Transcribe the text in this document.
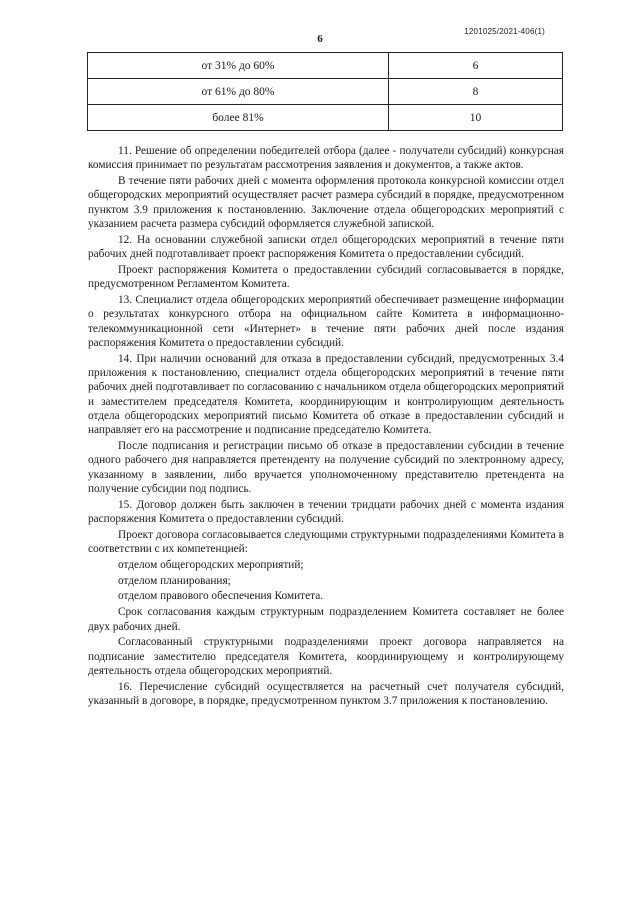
6
1201025/2021-406(1)
от 31% до 60%	6
от 61% до 80%	8
более 81%	10

11. Решение об определении победителей отбора (далее - получатели субсидий) конкурсная комиссия принимает по результатам рассмотрения заявления и документов, а также актов.

В течение пяти рабочих дней с момента оформления протокола конкурсной комиссии отдел общегородских мероприятий осуществляет расчет размера субсидий в порядке, предусмотренном пунктом 3.9 приложения к постановлению. Заключение отдела общегородских мероприятий с указанием расчета размера субсидий оформляется служебной запиской.

12. На основании служебной записки отдел общегородских мероприятий в течение пяти рабочих дней подготавливает проект распоряжения Комитета о предоставлении субсидий.

Проект распоряжения Комитета о предоставлении субсидий согласовывается в порядке, предусмотренном Регламентом Комитета.

13. Специалист отдела общегородских мероприятий обеспечивает размещение информации о результатах конкурсного отбора на официальном сайте Комитета в информационно-телекоммуникационной сети «Интернет» в течение пяти рабочих дней после издания распоряжения Комитета о предоставлении субсидий.

14. При наличии оснований для отказа в предоставлении субсидий, предусмотренных 3.4 приложения к постановлению, специалист отдела общегородских мероприятий в течение пяти рабочих дней подготавливает по согласованию с начальником отдела общегородских мероприятий и заместителем председателя Комитета, координирующим и контролирующим деятельность отдела общегородских мероприятий письмо Комитета об отказе в предоставлении субсидий и направляет его на рассмотрение и подписание председателю Комитета.

После подписания и регистрации письмо об отказе в предоставлении субсидии в течение одного рабочего дня направляется претенденту на получение субсидий по электронному адресу, указанному в заявлении, либо вручается уполномоченному представителю претендента на получение субсидии под подпись.

15. Договор должен быть заключен в течении тридцати рабочих дней с момента издания распоряжения Комитета о предоставлении субсидий.

Проект договора согласовывается следующими структурными подразделениями Комитета в соответствии с их компетенцией:

отделом общегородских мероприятий;

отделом планирования;

отделом правового обеспечения Комитета.

Срок согласования каждым структурным подразделением Комитета составляет не более двух рабочих дней.

Согласованный структурными подразделениями проект договора направляется на подписание заместителю председателя Комитета, координирующему и контролирующему деятельность отдела общегородских мероприятий.

16. Перечисление субсидий осуществляется на расчетный счет получателя субсидий, указанный в договоре, в порядке, предусмотренном пунктом 3.7 приложения к постановлению.
